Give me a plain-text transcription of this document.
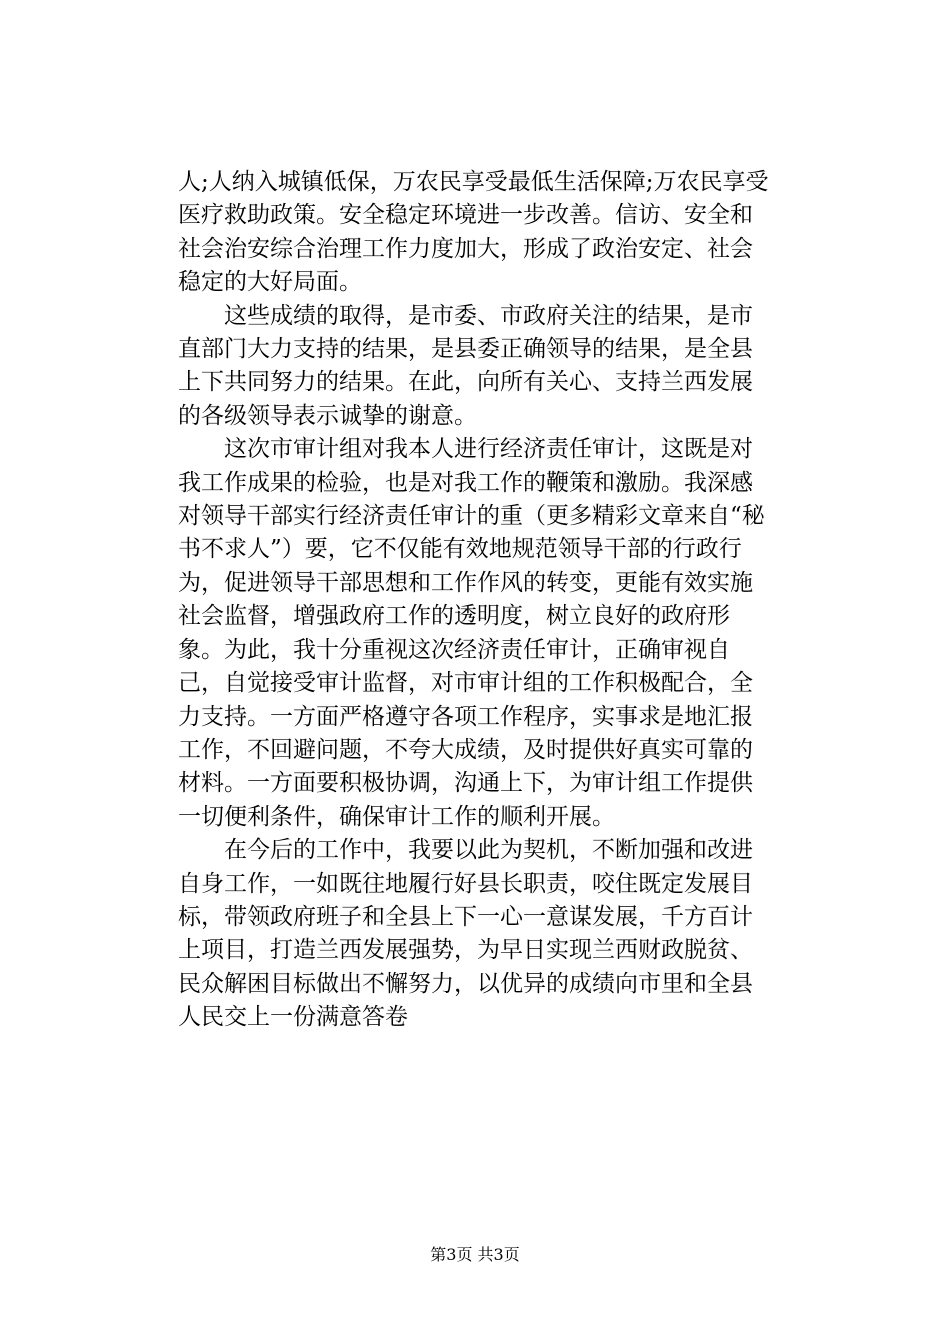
人;人纳入城镇低保，万农民享受最低生活保障;万农民享受医疗救助政策。安全稳定环境进一步改善。信访、安全和社会治安综合治理工作力度加大，形成了政治安定、社会稳定的大好局面。

这些成绩的取得，是市委、市政府关注的结果，是市直部门大力支持的结果，是县委正确领导的结果，是全县上下共同努力的结果。在此，向所有关心、支持兰西发展的各级领导表示诚挚的谢意。

这次市审计组对我本人进行经济责任审计，这既是对我工作成果的检验，也是对我工作的鞭策和激励。我深感对领导干部实行经济责任审计的重（更多精彩文章来自“秘书不求人”）要，它不仅能有效地规范领导干部的行政行为，促进领导干部思想和工作作风的转变，更能有效实施社会监督，增强政府工作的透明度，树立良好的政府形象。为此，我十分重视这次经济责任审计，正确审视自己，自觉接受审计监督，对市审计组的工作积极配合，全力支持。一方面严格遵守各项工作程序，实事求是地汇报工作，不回避问题，不夸大成绩，及时提供好真实可靠的材料。一方面要积极协调，沟通上下，为审计组工作提供一切便利条件，确保审计工作的顺利开展。

在今后的工作中，我要以此为契机，不断加强和改进自身工作，一如既往地履行好县长职责，咬住既定发展目标，带领政府班子和全县上下一心一意谋发展，千方百计上项目，打造兰西发展强势，为早日实现兰西财政脱贫、民众解困目标做出不懈努力，以优异的成绩向市里和全县人民交上一份满意答卷

第3页 共3页
